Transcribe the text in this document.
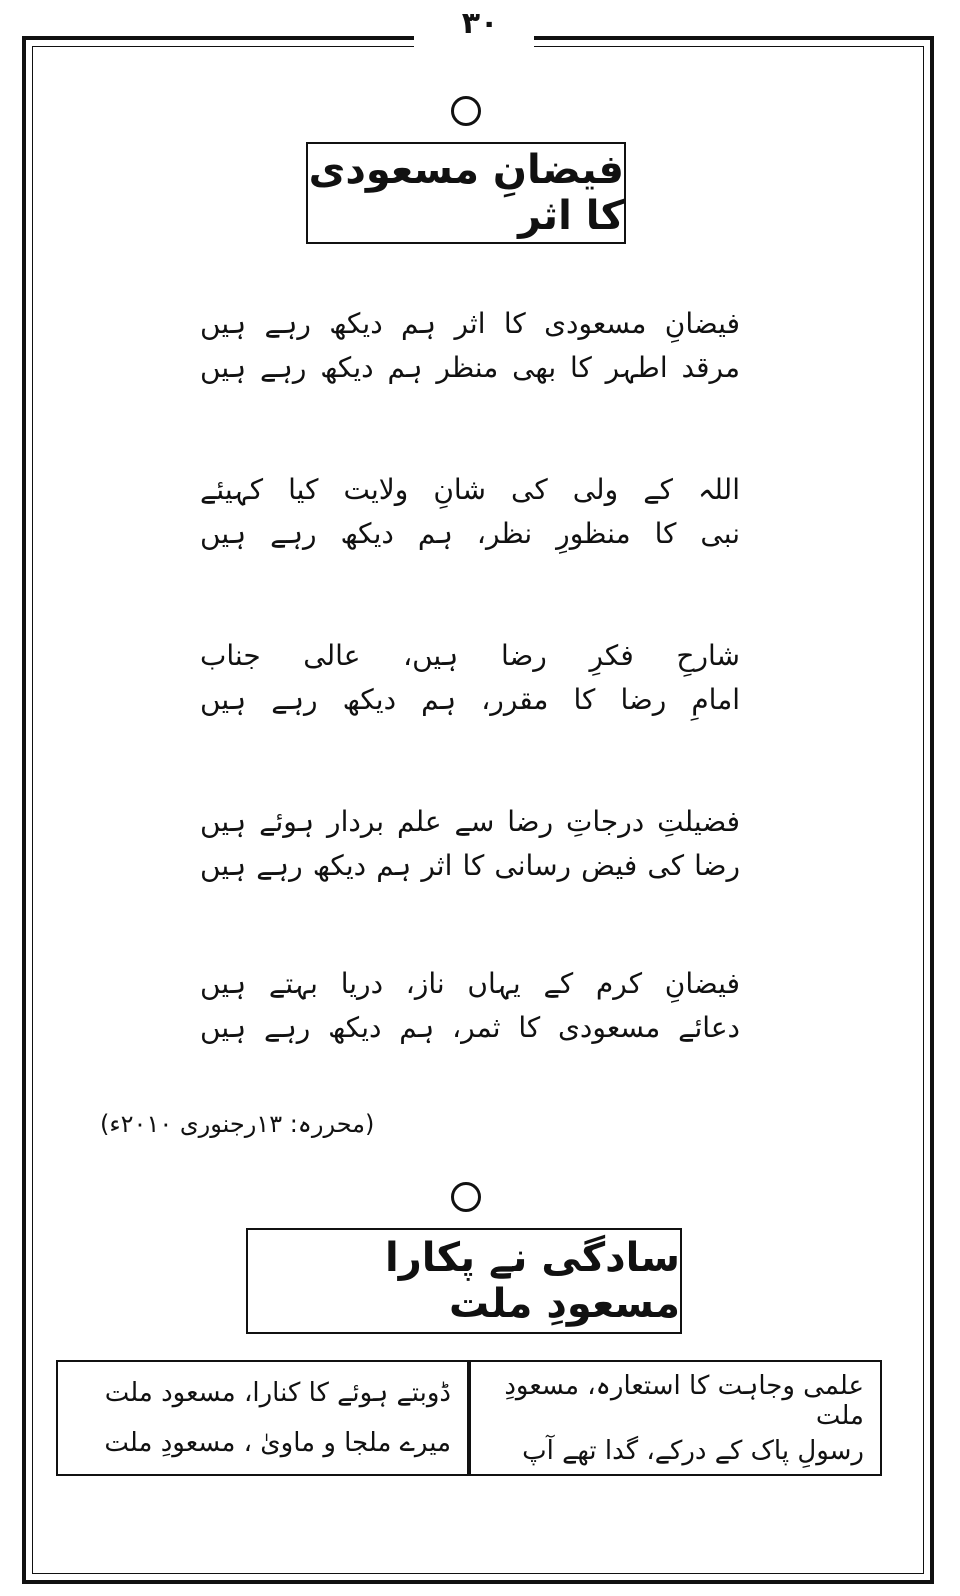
۳۰
فیضانِ مسعودی کا اثر
فیضانِ مسعودی کا اثر ہم دیکھ رہے ہیں
مرقد اطہر کا بھی منظر ہم دیکھ رہے ہیں
اللہ کے ولی کی شانِ ولایت کیا کہیئے
نبی کا منظورِ نظر، ہم دیکھ رہے ہیں
شارحِ فکرِ رضا ہیں، عالی جناب
امامِ رضا کا مقرر، ہم دیکھ رہے ہیں
فضیلتِ درجاتِ رضا سے علم بردار ہوئے ہیں
رضا کی فیض رسانی کا اثر ہم دیکھ رہے ہیں
فیضانِ کرم کے یہاں ناز، دریا بہتے ہیں
دعائے مسعودی کا ثمر، ہم دیکھ رہے ہیں
(محررہ: ۱۳رجنوری ۲۰۱۰ء)
سادگی نے پکارا مسعودِ ملت
ڈوبتے ہوئے کا کنارا، مسعود ملت
میرے ملجا و ماویٰ ، مسعودِ ملت
علمی وجاہت کا استعارہ، مسعودِ ملت
رسولِ پاک کے درکے، گدا تھے آپ
